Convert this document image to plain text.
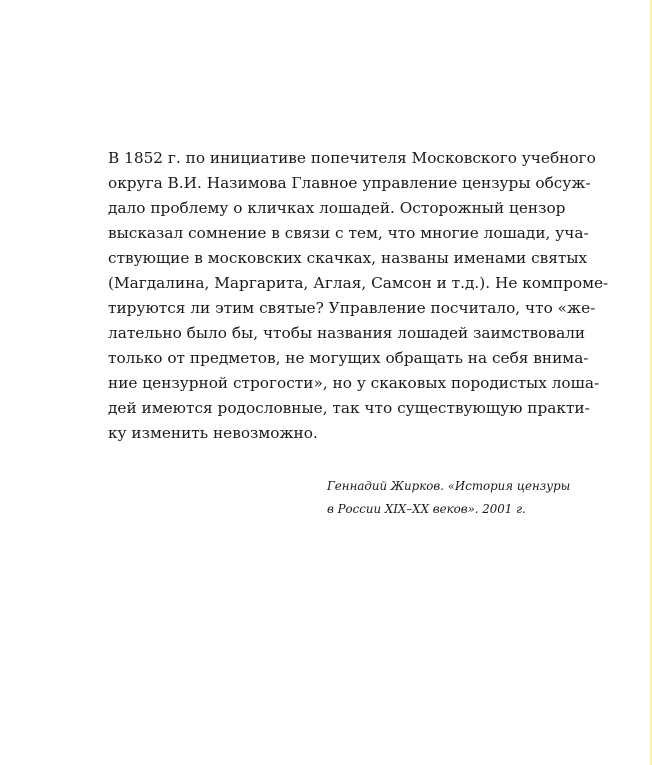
В 1852 г. по инициативе попечителя Московского учебного
округа В.И. Назимова Главное управление цензуры обсуж-
дало проблему о кличках лошадей. Осторожный цензор
высказал сомнение в связи с тем, что многие лошади, уча-
ствующие в московских скачках, названы именами святых
(Магдалина, Маргарита, Аглая, Самсон и т.д.). Не компроме-
тируются ли этим святые? Управление посчитало, что «же-
лательно было бы, чтобы названия лошадей заимствовали
только от предметов, не могущих обращать на себя внима-
ние цензурной строгости», но у скаковых породистых лоша-
дей имеются родословные, так что существующую практи-
ку изменить невозможно.
Геннадий Жирков. «История цензуры
в России XIX–XX веков». 2001 г.
